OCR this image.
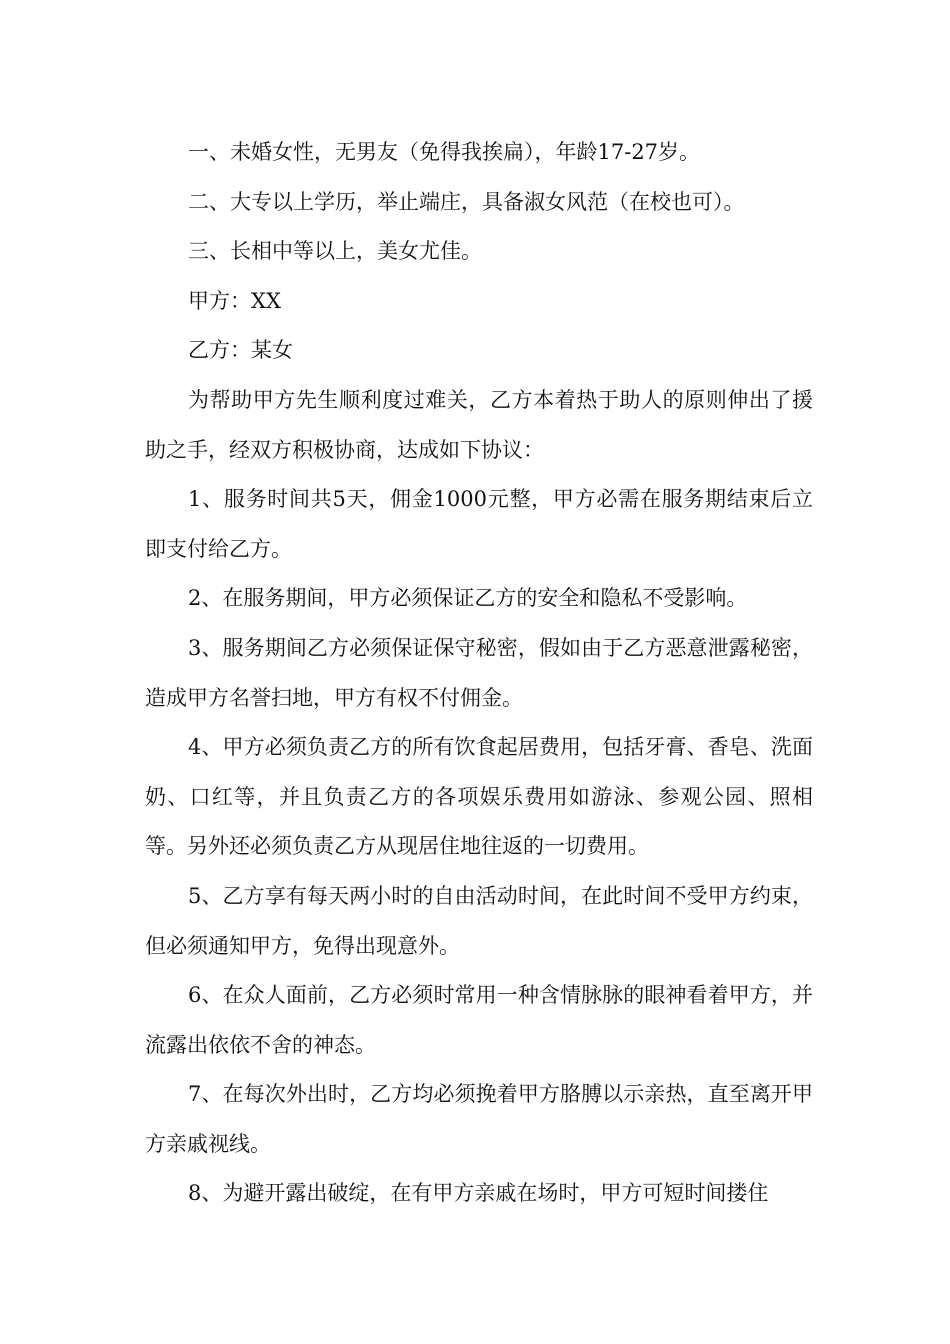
一、未婚女性，无男友（免得我挨扁），年龄17-27岁。

二、大专以上学历，举止端庄，具备淑女风范（在校也可）。

三、长相中等以上，美女尤佳。

甲方：XX

乙方：某女

为帮助甲方先生顺利度过难关，乙方本着热于助人的原则伸出了援助之手，经双方积极协商，达成如下协议：

1、服务时间共5天，佣金1000元整，甲方必需在服务期结束后立即支付给乙方。

2、在服务期间，甲方必须保证乙方的安全和隐私不受影响。

3、服务期间乙方必须保证保守秘密，假如由于乙方恶意泄露秘密，造成甲方名誉扫地，甲方有权不付佣金。

4、甲方必须负责乙方的所有饮食起居费用，包括牙膏、香皂、洗面奶、口红等，并且负责乙方的各项娱乐费用如游泳、参观公园、照相等。另外还必须负责乙方从现居住地往返的一切费用。

5、乙方享有每天两小时的自由活动时间，在此时间不受甲方约束，但必须通知甲方，免得出现意外。

6、在众人面前，乙方必须时常用一种含情脉脉的眼神看着甲方，并流露出依依不舍的神态。

7、在每次外出时，乙方均必须挽着甲方胳膊以示亲热，直至离开甲方亲戚视线。

8、为避开露出破绽，在有甲方亲戚在场时，甲方可短时间搂住
